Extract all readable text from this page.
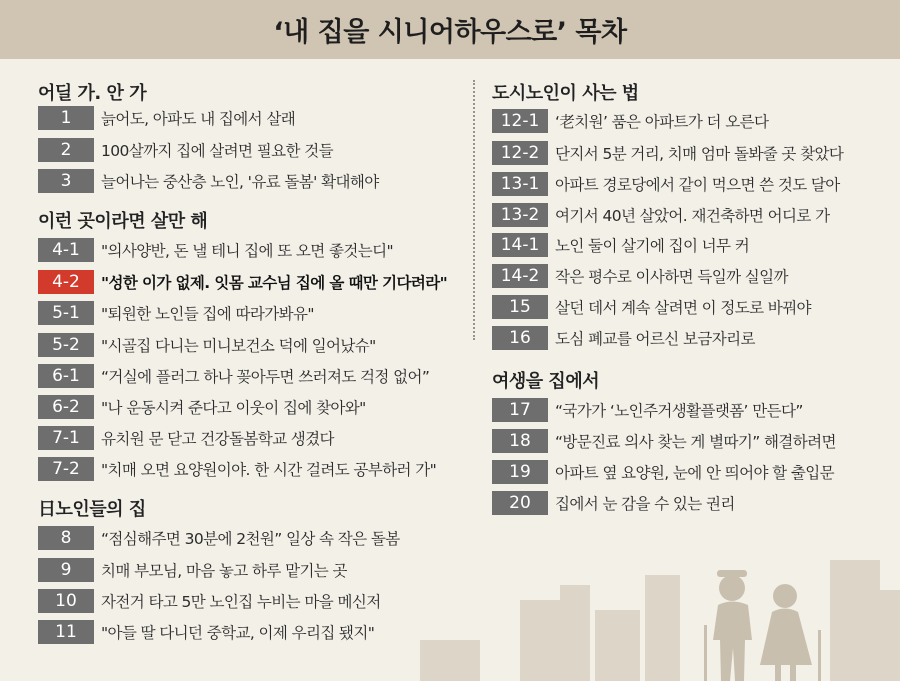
‘내 집을 시니어하우스로’ 목차
어딜 가. 안 가
1	늙어도, 아파도 내 집에서 살래
2	100살까지 집에 살려면 필요한 것들
3	늘어나는 중산층 노인, '유료 돌봄' 확대해야
이런 곳이라면 살만 해
4-1	"의사양반, 돈 낼 테니 집에 또 오면 좋것는디"
4-2	"성한 이가 없제. 잇몸 교수님 집에 올 때만 기다려라"
5-1	"퇴원한 노인들 집에 따라가봐유"
5-2	"시골집 다니는 미니보건소 덕에 일어났슈"
6-1	“거실에 플러그 하나 꽂아두면 쓰러져도 걱정 없어”
6-2	"나 운동시켜 준다고 이웃이 집에 찾아와"
7-1	유치원 문 닫고 건강돌봄학교 생겼다
7-2	"치매 오면 요양원이야. 한 시간 걸려도 공부하러 가"
日노인들의 집
8	“점심해주면 30분에 2천원” 일상 속 작은 돌봄
9	치매 부모님, 마음 놓고 하루 맡기는 곳
10	자전거 타고 5만 노인집 누비는 마을 메신저
11	"아들 딸 다니던 중학교, 이제 우리집 됐지"
도시노인이 사는 법
12-1	‘老치원’ 품은 아파트가 더 오른다
12-2	단지서 5분 거리, 치매 엄마 돌봐줄 곳 찾았다
13-1	아파트 경로당에서 같이 먹으면 쓴 것도 달아
13-2	여기서 40년 살았어. 재건축하면 어디로 가
14-1	노인 둘이 살기에 집이 너무 커
14-2	작은 평수로 이사하면 득일까 실일까
15	살던 데서 계속 살려면 이 정도로 바꿔야
16	도심 폐교를 어르신 보금자리로
여생을 집에서
17	“국가가 ‘노인주거생활플랫폼’ 만든다”
18	“방문진료 의사 찾는 게 별따기” 해결하려면
19	아파트 옆 요양원, 눈에 안 띄어야 할 출입문
20	집에서 눈 감을 수 있는 권리
